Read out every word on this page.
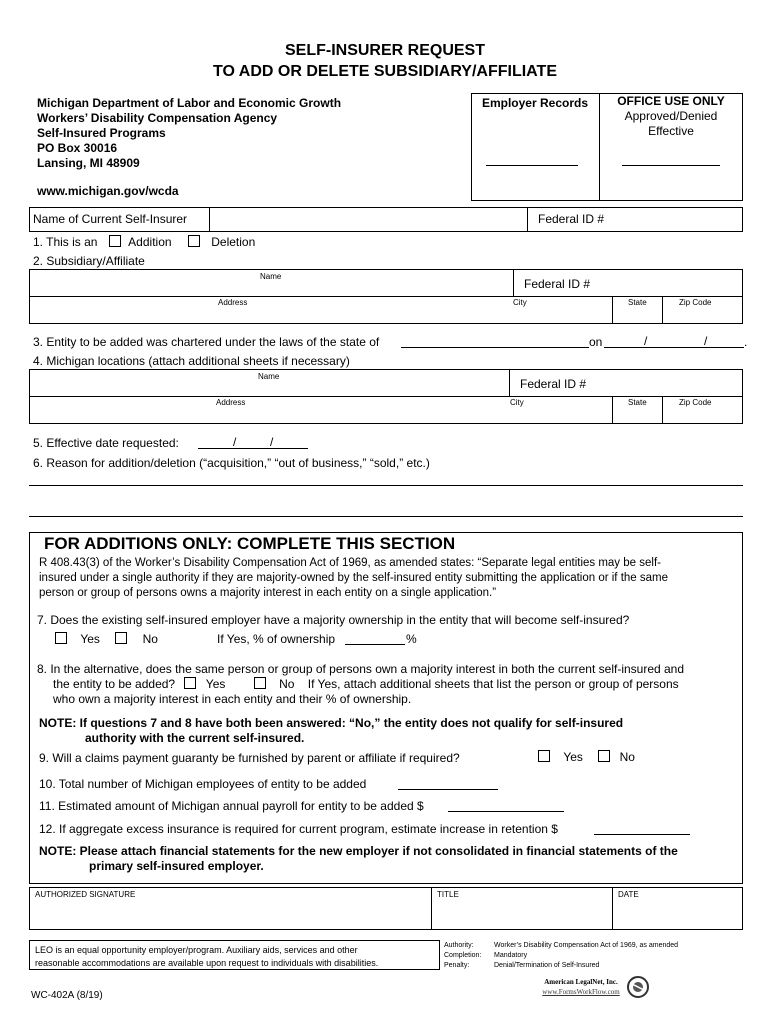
SELF-INSURER REQUEST
TO ADD OR DELETE SUBSIDIARY/AFFILIATE
Michigan Department of Labor and Economic Growth
Workers’ Disability Compensation Agency
Self-Insured Programs
PO Box 30016
Lansing, MI 48909
www.michigan.gov/wcda
Employer Records	OFFICE USE ONLY
Approved/Denied
Effective
Name of Current Self-Insurer	Federal ID #
1. This is an	Addition	Deletion
2. Subsidiary/Affiliate
Name
Federal ID #
Address	City	State	Zip Code
3. Entity to be added was chartered under the laws of the state of	on	/	/	.
4. Michigan locations (attach additional sheets if necessary)
Name
Federal ID #
Address	City	State	Zip Code
5. Effective date requested:	/	/
6. Reason for addition/deletion (“acquisition,” “out of business,” “sold,” etc.)
FOR ADDITIONS ONLY: COMPLETE THIS SECTION
R 408.43(3) of the Worker’s Disability Compensation Act of 1969, as amended states: “Separate legal entities may be self-
insured under a single authority if they are majority-owned by the self-insured entity submitting the application or if the same
person or group of persons owns a majority interest in each entity on a single application.”
7. Does the existing self-insured employer have a majority ownership in the entity that will become self-insured?
Yes	No	If Yes, % of ownership	%
8. In the alternative, does the same person or group of persons own a majority interest in both the current self-insured and
the entity to be added?	Yes	No If Yes, attach additional sheets that list the person or group of persons
who own a majority interest in each entity and their % of ownership.
NOTE: If questions 7 and 8 have both been answered: “No,” the entity does not qualify for self-insured
authority with the current self-insured.
9. Will a claims payment guaranty be furnished by parent or affiliate if required?	Yes	No
10. Total number of Michigan employees of entity to be added
11. Estimated amount of Michigan annual payroll for entity to be added $
12. If aggregate excess insurance is required for current program, estimate increase in retention $
NOTE: Please attach financial statements for the new employer if not consolidated in financial statements of the
primary self-insured employer.
AUTHORIZED SIGNATURE	TITLE	DATE
LEO is an equal opportunity employer/program. Auxiliary aids, services and other
reasonable accommodations are available upon request to individuals with disabilities.
Authority:	Worker’s Disability Compensation Act of 1969, as amended
Completion: Mandatory
Penalty:	Denial/Termination of Self-Insured
WC-402A (8/19)
American LegalNet, Inc.
www.FormsWorkFlow.com
